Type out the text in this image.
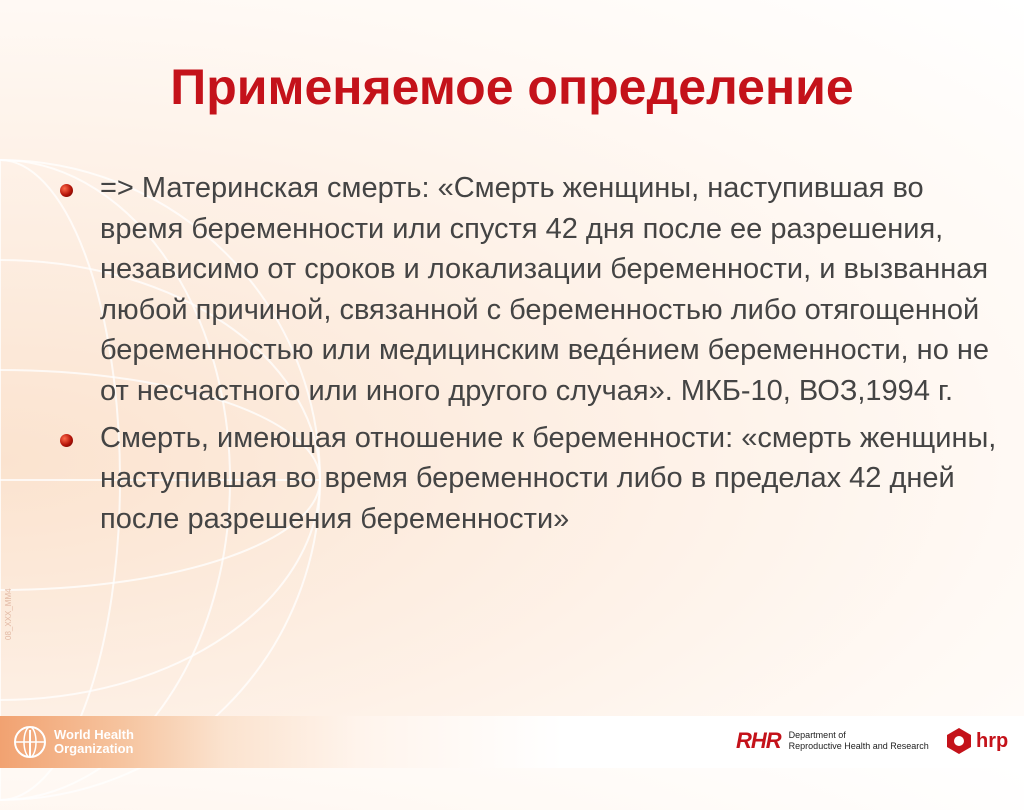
Применяемое определение
=> Материнская смерть: «Смерть женщины, наступившая во время беременности или спустя 42 дня после ее разрешения, независимо от сроков и локализации беременности, и вызванная любой причиной, связанной с беременностью либо отягощенной беременностью или медицинским ведéнием беременности, но не от несчастного или иного другого случая». МКБ-10, ВОЗ,1994 г.
Смерть, имеющая отношение к беременности: «смерть женщины, наступившая во время беременности либо в пределах 42 дней после разрешения беременности»
08_XXX_MM4
World Health
Organization	RHR Department of
Reproductive Health and Research hrp
